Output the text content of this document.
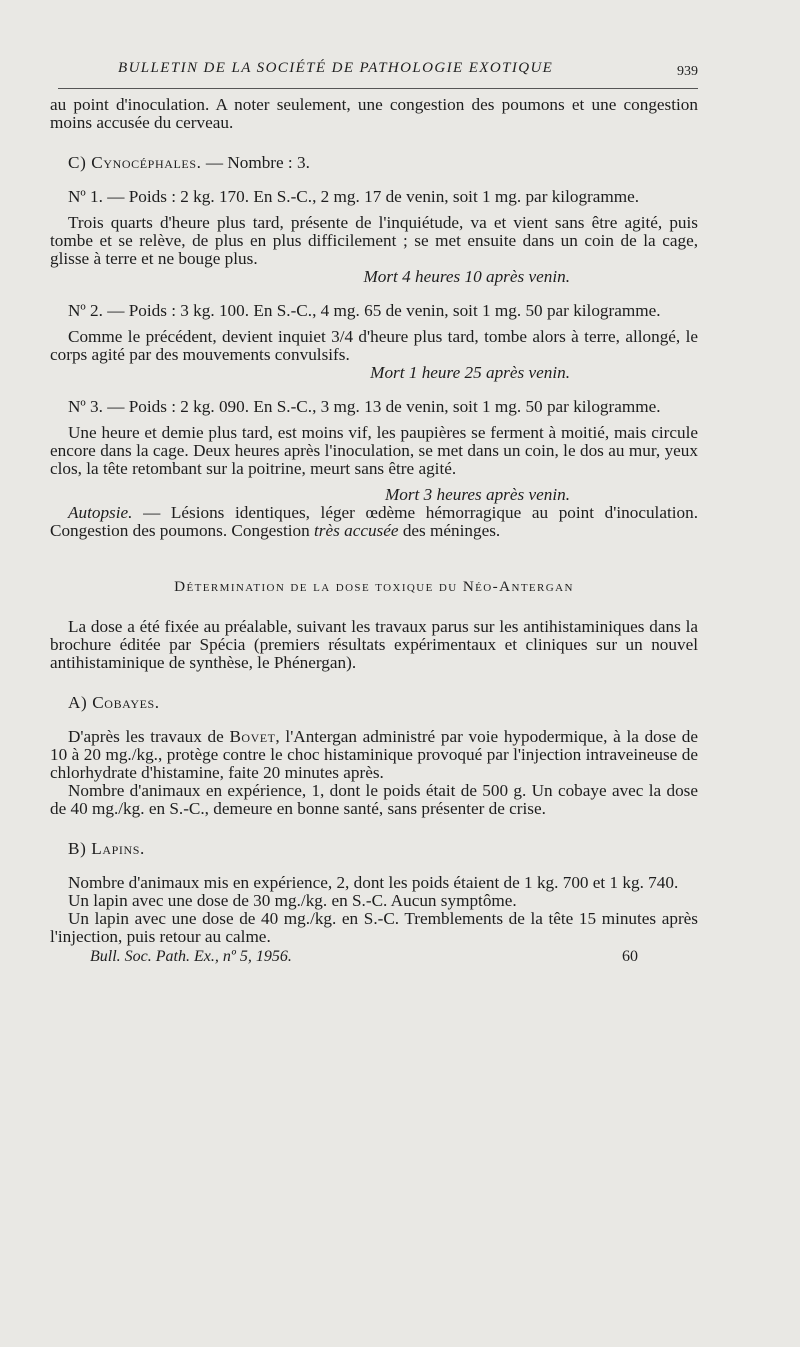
BULLETIN DE LA SOCIÉTÉ DE PATHOLOGIE EXOTIQUE	939

au point d'inoculation. A noter seulement, une congestion des poumons et une congestion moins accusée du cerveau.

C) Cynocéphales. — Nombre : 3.

Nº 1. — Poids : 2 kg. 170. En S.-C., 2 mg. 17 de venin, soit 1 mg. par kilogramme.

Trois quarts d'heure plus tard, présente de l'inquiétude, va et vient sans être agité, puis tombe et se relève, de plus en plus difficilement ; se met ensuite dans un coin de la cage, glisse à terre et ne bouge plus.

Mort 4 heures 10 après venin.

Nº 2. — Poids : 3 kg. 100. En S.-C., 4 mg. 65 de venin, soit 1 mg. 50 par kilogramme.

Comme le précédent, devient inquiet 3/4 d'heure plus tard, tombe alors à terre, allongé, le corps agité par des mouvements convulsifs.

Mort 1 heure 25 après venin.

Nº 3. — Poids : 2 kg. 090. En S.-C., 3 mg. 13 de venin, soit 1 mg. 50 par kilogramme.

Une heure et demie plus tard, est moins vif, les paupières se ferment à moitié, mais circule encore dans la cage. Deux heures après l'inoculation, se met dans un coin, le dos au mur, yeux clos, la tête retombant sur la poitrine, meurt sans être agité.

Mort 3 heures après venin.

Autopsie. — Lésions identiques, léger œdème hémorragique au point d'inoculation. Congestion des poumons. Congestion très accusée des méninges.

Détermination de la dose toxique du Néo-Antergan

La dose a été fixée au préalable, suivant les travaux parus sur les antihistaminiques dans la brochure éditée par Spécia (premiers résultats expérimentaux et cliniques sur un nouvel antihistaminique de synthèse, le Phénergan).

A) Cobayes.

D'après les travaux de Bovet, l'Antergan administré par voie hypodermique, à la dose de 10 à 20 mg./kg., protège contre le choc histaminique provoqué par l'injection intraveineuse de chlorhydrate d'histamine, faite 20 minutes après.

Nombre d'animaux en expérience, 1, dont le poids était de 500 g. Un cobaye avec la dose de 40 mg./kg. en S.-C., demeure en bonne santé, sans présenter de crise.

B) Lapins.

Nombre d'animaux mis en expérience, 2, dont les poids étaient de 1 kg. 700 et 1 kg. 740.

Un lapin avec une dose de 30 mg./kg. en S.-C. Aucun symptôme.

Un lapin avec une dose de 40 mg./kg. en S.-C. Tremblements de la tête 15 minutes après l'injection, puis retour au calme.

Bull. Soc. Path. Ex., nº 5, 1956.	60
